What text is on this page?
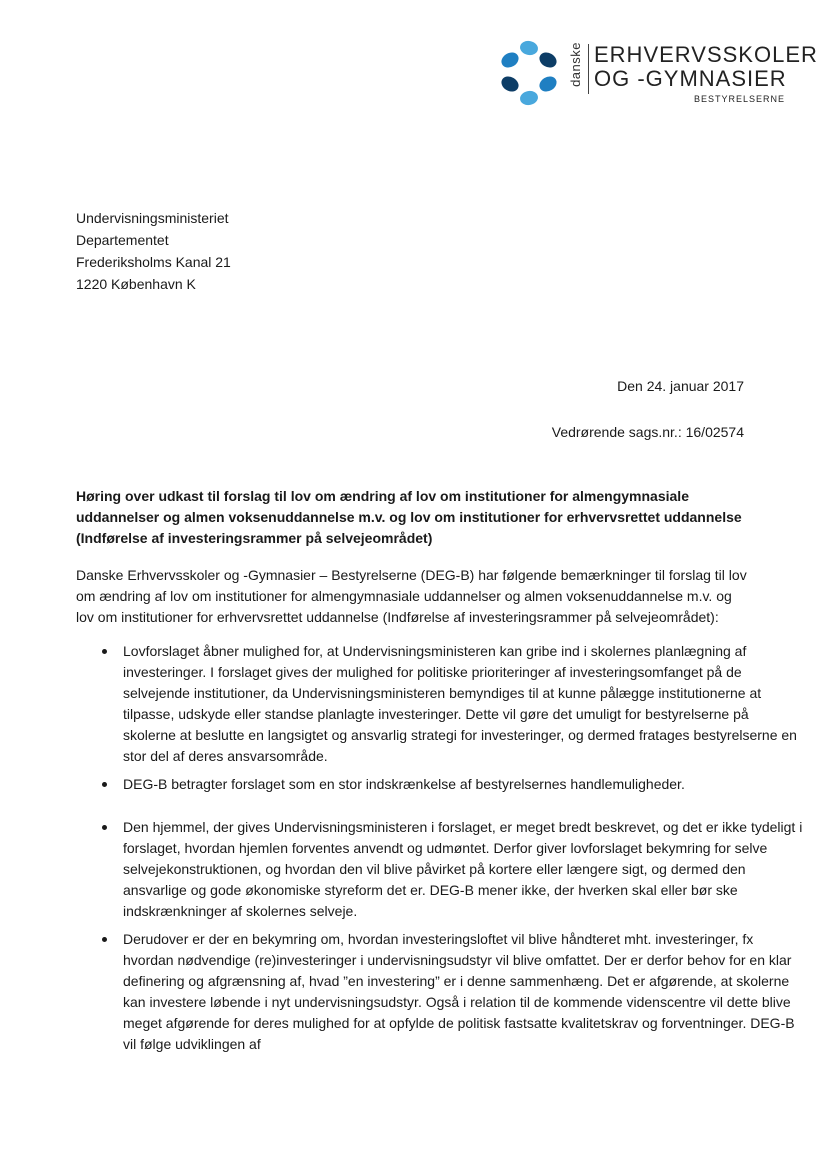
danske ERHVERVSSKOLER
OG -GYMNASIER
BESTYRELSERNE
Undervisningsministeriet
Departementet
Frederiksholms Kanal 21
1220 København K
Den 24. januar 2017
Vedrørende sags.nr.: 16/02574
Høring over udkast til forslag til lov om ændring af lov om institutioner for almengymnasiale uddannelser og almen voksenuddannelse m.v. og lov om institutioner for erhvervsrettet uddannelse (Indførelse af investeringsrammer på selvejeområdet)
Danske Erhvervsskoler og -Gymnasier – Bestyrelserne (DEG-B) har følgende bemærkninger til forslag til lov om ændring af lov om institutioner for almengymnasiale uddannelser og almen voksenuddannelse m.v. og lov om institutioner for erhvervsrettet uddannelse (Indførelse af investeringsrammer på selvejeområdet):
Lovforslaget åbner mulighed for, at Undervisningsministeren kan gribe ind i skolernes planlægning af investeringer. I forslaget gives der mulighed for politiske prioriteringer af investeringsomfanget på de selvejende institutioner, da Undervisningsministeren bemyndiges til at kunne pålægge institutionerne at tilpasse, udskyde eller standse planlagte investeringer. Dette vil gøre det umuligt for bestyrelserne på skolerne at beslutte en langsigtet og ansvarlig strategi for investeringer, og dermed fratages bestyrelserne en stor del af deres ansvarsområde.
DEG-B betragter forslaget som en stor indskrænkelse af bestyrelsernes handlemuligheder.
Den hjemmel, der gives Undervisningsministeren i forslaget, er meget bredt beskrevet, og det er ikke tydeligt i forslaget, hvordan hjemlen forventes anvendt og udmøntet. Derfor giver lovforslaget bekymring for selve selvejekonstruktionen, og hvordan den vil blive påvirket på kortere eller længere sigt, og dermed den ansvarlige og gode økonomiske styreform det er. DEG-B mener ikke, der hverken skal eller bør ske indskrænkninger af skolernes selveje.
Derudover er der en bekymring om, hvordan investeringsloftet vil blive håndteret mht. investeringer, fx hvordan nødvendige (re)investeringer i undervisningsudstyr vil blive omfattet. Der er derfor behov for en klar definering og afgrænsning af, hvad ”en investering” er i denne sammenhæng. Det er afgørende, at skolerne kan investere løbende i nyt undervisningsudstyr. Også i relation til de kommende videnscentre vil dette blive meget afgørende for deres mulighed for at opfylde de politisk fastsatte kvalitetskrav og forventninger. DEG-B vil følge udviklingen af
